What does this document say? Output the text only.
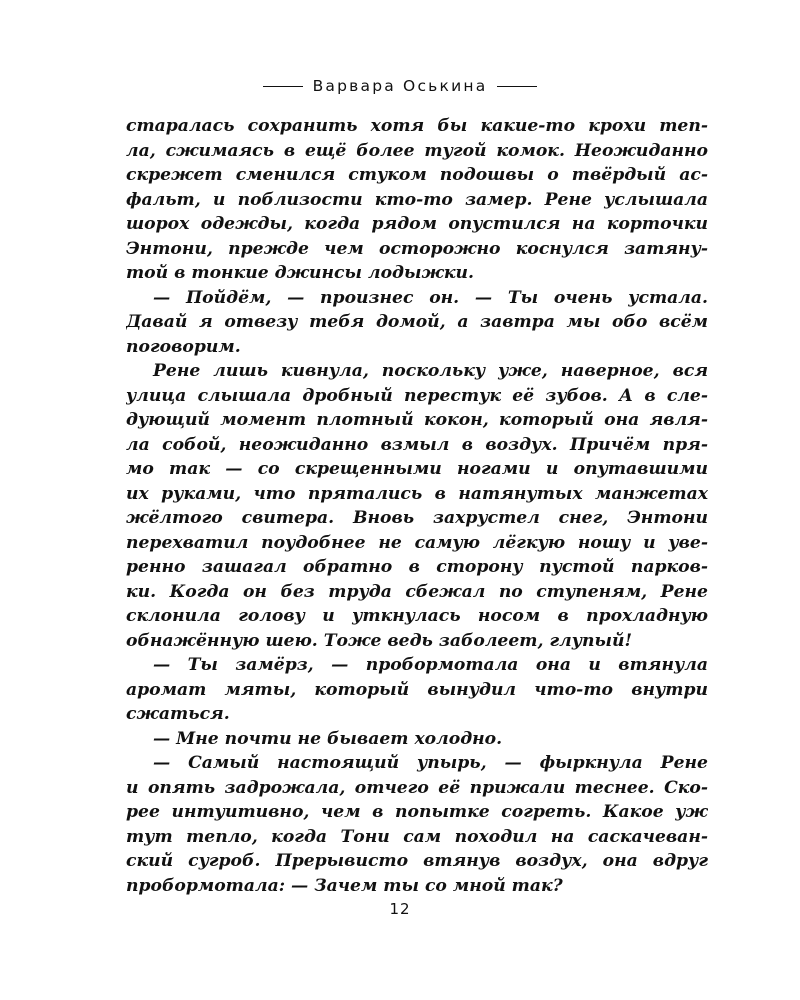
Варвара Оськина
старалась сохранить хотя бы какие-то крохи теп-
ла, сжимаясь в ещё более тугой комок. Неожиданно
скрежет сменился стуком подошвы о твёрдый ас-
фальт, и поблизости кто-то замер. Рене услышала
шорох одежды, когда рядом опустился на корточки
Энтони, прежде чем осторожно коснулся затяну-
той в тонкие джинсы лодыжки.
— Пойдём, — произнес он. — Ты очень устала.
Давай я отвезу тебя домой, а завтра мы обо всём
поговорим.
Рене лишь кивнула, поскольку уже, наверное, вся
улица слышала дробный перестук её зубов. А в сле-
дующий момент плотный кокон, который она явля-
ла собой, неожиданно взмыл в воздух. Причём пря-
мо так — со скрещенными ногами и опутавшими
их руками, что прятались в натянутых манжетах
жёлтого свитера. Вновь захрустел снег, Энтони
перехватил поудобнее не самую лёгкую ношу и уве-
ренно зашагал обратно в сторону пустой парков-
ки. Когда он без труда сбежал по ступеням, Рене
склонила голову и уткнулась носом в прохладную
обнажённую шею. Тоже ведь заболеет, глупый!
— Ты замёрз, — пробормотала она и втянула
аромат мяты, который вынудил что-то внутри
сжаться.
— Мне почти не бывает холодно.
— Самый настоящий упырь, — фыркнула Рене
и опять задрожала, отчего её прижали теснее. Ско-
рее интуитивно, чем в попытке согреть. Какое уж
тут тепло, когда Тони сам походил на саскачеван-
ский сугроб. Прерывисто втянув воздух, она вдруг
пробормотала: — Зачем ты со мной так?
12
